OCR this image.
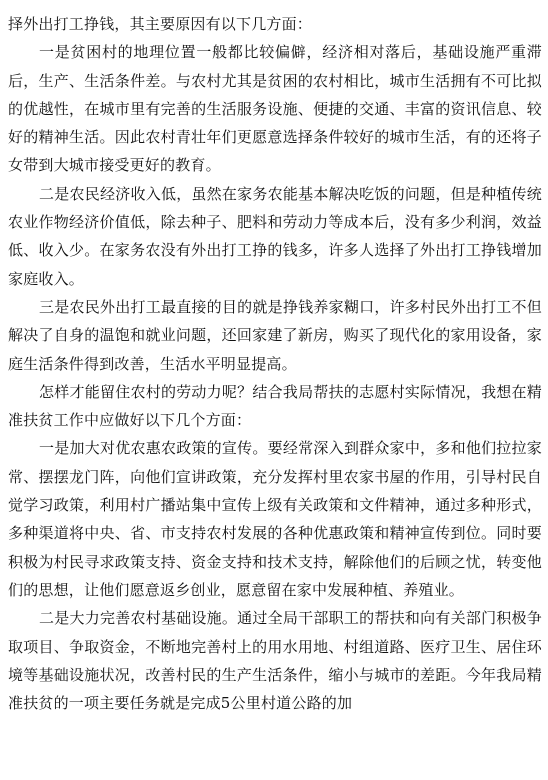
择外出打工挣钱，其主要原因有以下几方面：

一是贫困村的地理位置一般都比较偏僻，经济相对落后，基础设施严重滞后，生产、生活条件差。与农村尤其是贫困的农村相比，城市生活拥有不可比拟的优越性，在城市里有完善的生活服务设施、便捷的交通、丰富的资讯信息、较好的精神生活。因此农村青壮年们更愿意选择条件较好的城市生活，有的还将子女带到大城市接受更好的教育。

二是农民经济收入低，虽然在家务农能基本解决吃饭的问题，但是种植传统农业作物经济价值低，除去种子、肥料和劳动力等成本后，没有多少利润，效益低、收入少。在家务农没有外出打工挣的钱多，许多人选择了外出打工挣钱增加家庭收入。

三是农民外出打工最直接的目的就是挣钱养家糊口，许多村民外出打工不但解决了自身的温饱和就业问题，还回家建了新房，购买了现代化的家用设备，家庭生活条件得到改善，生活水平明显提高。

怎样才能留住农村的劳动力呢？结合我局帮扶的志愿村实际情况，我想在精准扶贫工作中应做好以下几个方面：

一是加大对优农惠农政策的宣传。要经常深入到群众家中，多和他们拉拉家常、摆摆龙门阵，向他们宣讲政策，充分发挥村里农家书屋的作用，引导村民自觉学习政策，利用村广播站集中宣传上级有关政策和文件精神，通过多种形式，多种渠道将中央、省、市支持农村发展的各种优惠政策和精神宣传到位。同时要积极为村民寻求政策支持、资金支持和技术支持，解除他们的后顾之忧，转变他们的思想，让他们愿意返乡创业，愿意留在家中发展种植、养殖业。

二是大力完善农村基础设施。通过全局干部职工的帮扶和向有关部门积极争取项目、争取资金，不断地完善村上的用水用地、村组道路、医疗卫生、居住环境等基础设施状况，改善村民的生产生活条件，缩小与城市的差距。今年我局精准扶贫的一项主要任务就是完成5公里村道公路的加
